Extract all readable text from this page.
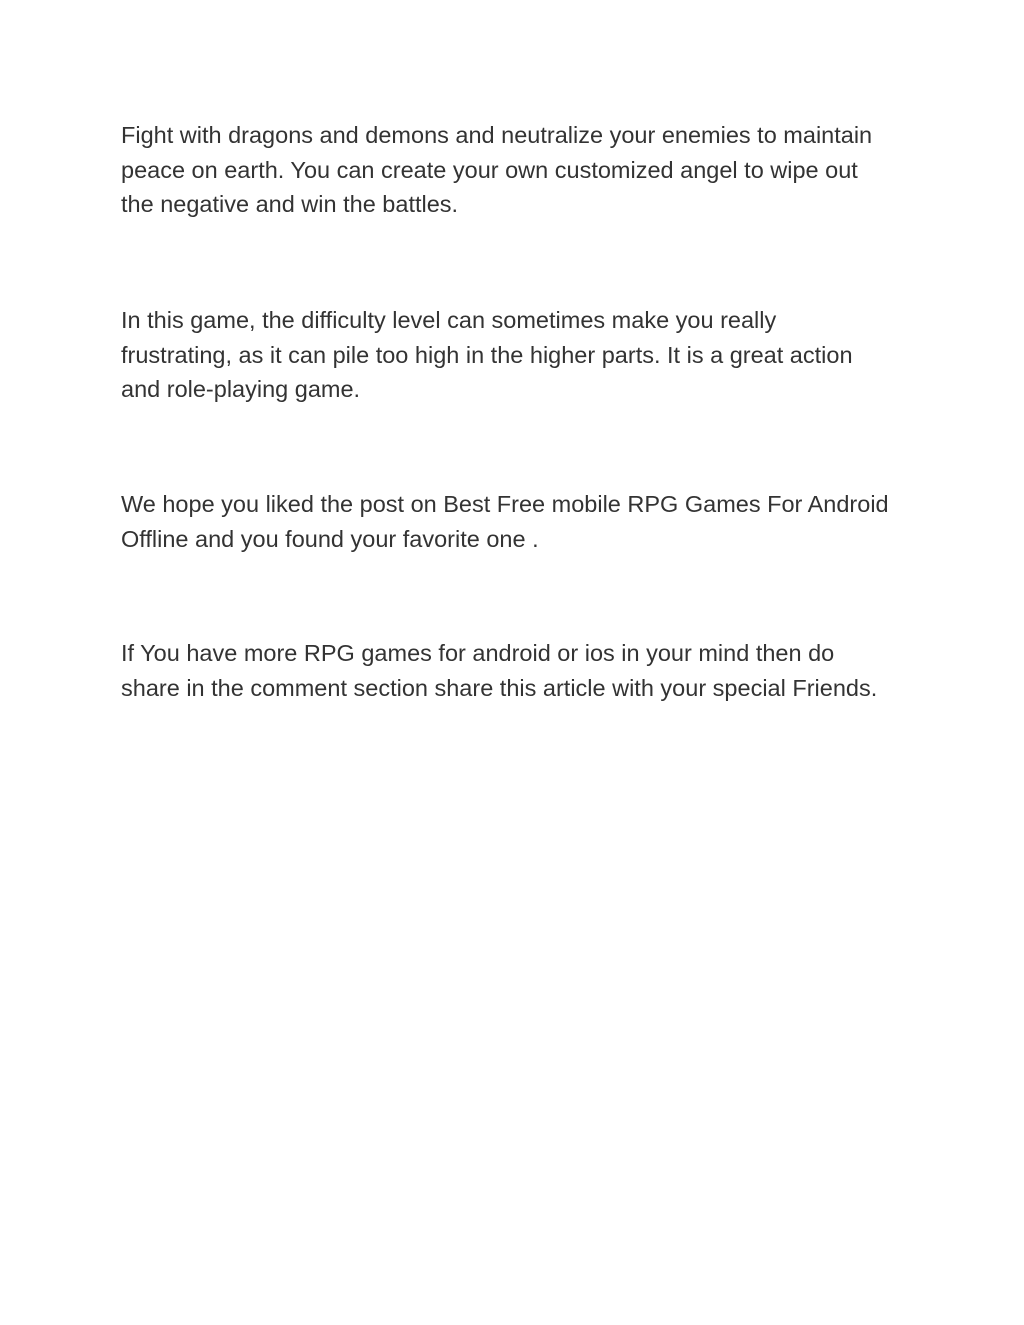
Fight with dragons and demons and neutralize your enemies to maintain peace on earth. You can create your own customized angel to wipe out the negative and win the battles.

In this game, the difficulty level can sometimes make you really frustrating, as it can pile too high in the higher parts. It is a great action and role-playing game.

We hope you liked the post on Best Free mobile RPG Games For Android Offline and you found your favorite one .

If You have more RPG games for android or ios in your mind then do share in the comment section share this article with your special Friends.
